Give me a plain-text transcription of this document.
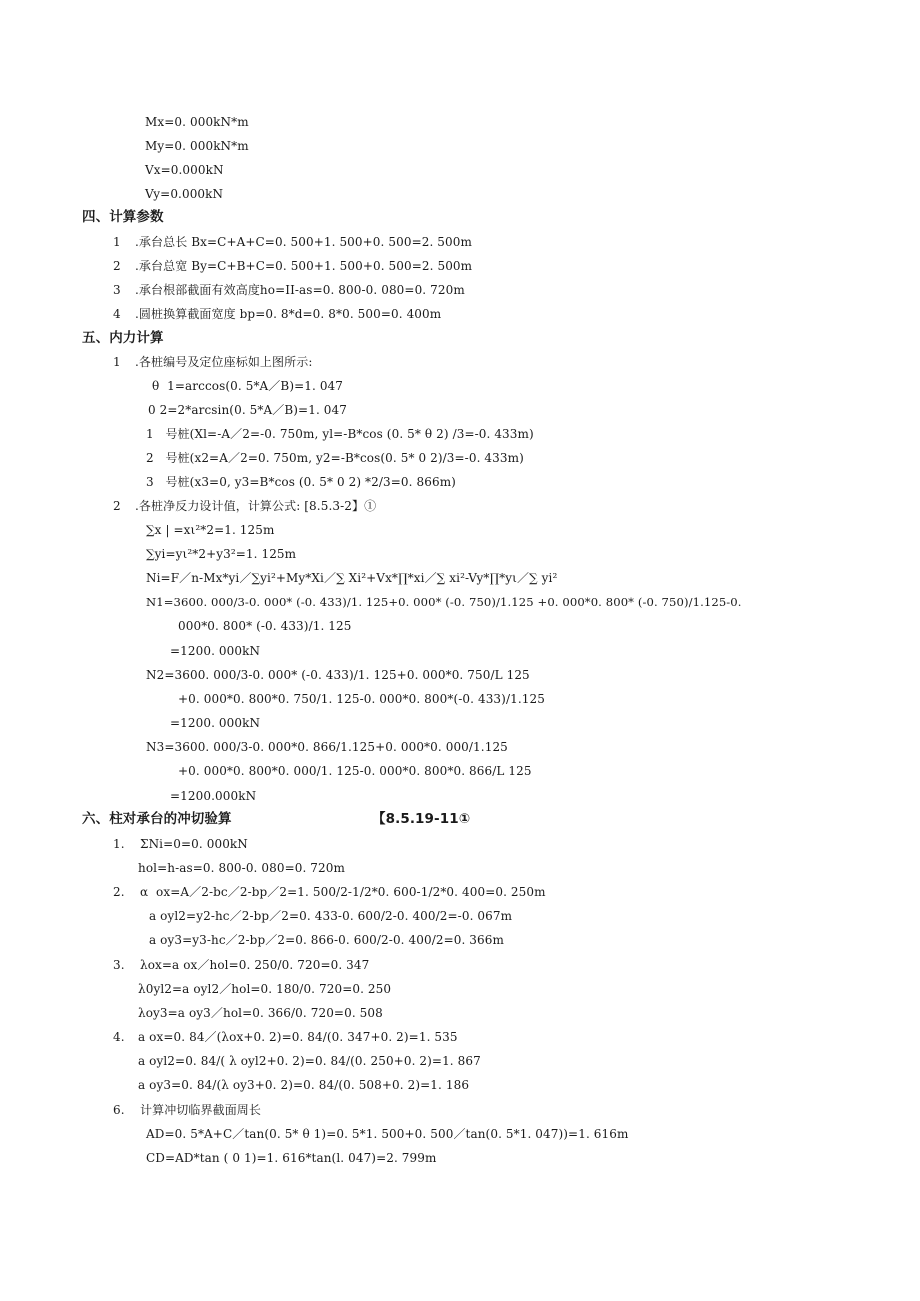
Mx=0. 000kN*m
My=0. 000kN*m
Vx=0.000kN
Vy=0.000kN
四、计算参数
1 .承台总长 Bx=C+A+C=0. 500+1. 500+0. 500=2. 500m
2 .承台总宽 By=C+B+C=0. 500+1. 500+0. 500=2. 500m
3 .承台根部截面有效高度ho=II-as=0. 800-0. 080=0. 720m
4 .圆桩换算截面宽度 bp=0. 8*d=0. 8*0. 500=0. 400m
五、内力计算
1 .各桩编号及定位座标如上图所示:
θ  1=arccos(0. 5*A／B)=1. 047
0 2=2*arcsin(0. 5*A／B)=1. 047
1   号桩(Xl=-A／2=-0. 750m, yl=-B*cos (0. 5* θ 2) /3=-0. 433m)
2   号桩(x2=A／2=0. 750m, y2=-B*cos(0. 5* 0 2)/3=-0. 433m)
3   号桩(x3=0, y3=B*cos (0. 5* 0 2) *2/3=0. 866m)
2 .各桩净反力设计值，计算公式: [8.5.3-2】①
∑x | =xι²*2=1. 125m
∑yi=yι²*2+y3²=1. 125m
Ni=F／n-Mx*yi／∑yi²+My*Xi／∑ Xi²+Vx*∏*xi／∑ xi²-Vy*∏*yι／∑ yi²
N1=3600. 000/3-0. 000* (-0. 433)/1. 125+0. 000* (-0. 750)/1.125 +0. 000*0. 800* (-0. 750)/1.125-0.
000*0. 800* (-0. 433)/1. 125
=1200. 000kN
N2=3600. 000/3-0. 000* (-0. 433)/1. 125+0. 000*0. 750/L 125
+0. 000*0. 800*0. 750/1. 125-0. 000*0. 800*(-0. 433)/1.125
=1200. 000kN
N3=3600. 000/3-0. 000*0. 866/1.125+0. 000*0. 000/1.125
+0. 000*0. 800*0. 000/1. 125-0. 000*0. 800*0. 866/L 125
=1200.000kN
六、柱对承台的冲切验算	【8.5.19-11①
1. ΣNi=0=0. 000kN
hol=h-as=0. 800-0. 080=0. 720m
2. α  ox=A／2-bc／2-bp／2=1. 500/2-1/2*0. 600-1/2*0. 400=0. 250m
a oyl2=y2-hc／2-bp／2=0. 433-0. 600/2-0. 400/2=-0. 067m
a oy3=y3-hc／2-bp／2=0. 866-0. 600/2-0. 400/2=0. 366m
3. λox=a ox／hol=0. 250/0. 720=0. 347
λ0yl2=a oyl2／hol=0. 180/0. 720=0. 250
λoy3=a oy3／hol=0. 366/0. 720=0. 508
4. a ox=0. 84／(λox+0. 2)=0. 84/(0. 347+0. 2)=1. 535
a oyl2=0. 84/( λ oyl2+0. 2)=0. 84/(0. 250+0. 2)=1. 867
a oy3=0. 84/(λ oy3+0. 2)=0. 84/(0. 508+0. 2)=1. 186
6. 计算冲切临界截面周长
AD=0. 5*A+C／tan(0. 5* θ 1)=0. 5*1. 500+0. 500／tan(0. 5*1. 047))=1. 616m
CD=AD*tan ( 0 1)=1. 616*tan(l. 047)=2. 799m
